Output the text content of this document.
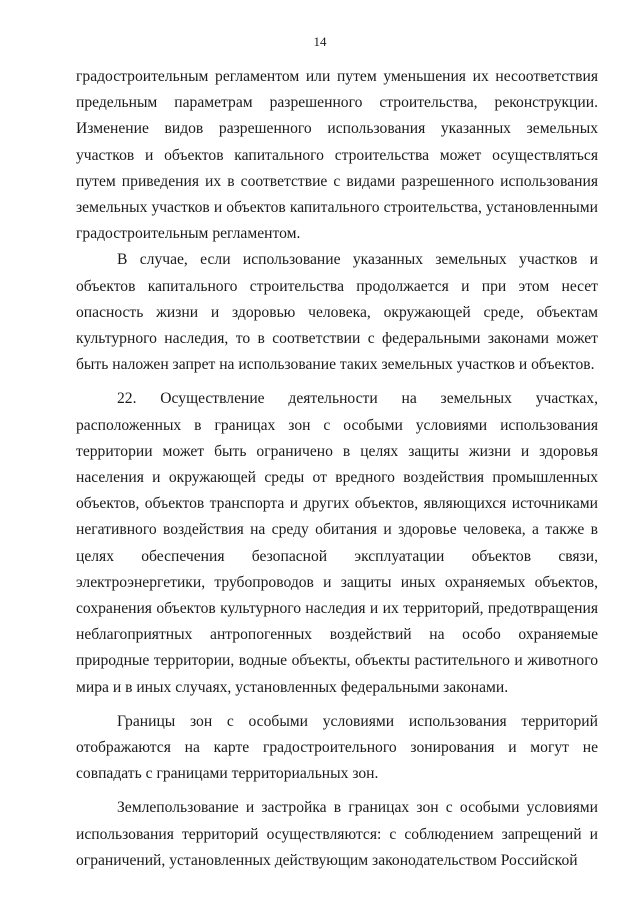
14

градостроительным регламентом или путем уменьшения их несоответствия предельным параметрам разрешенного строительства, реконструкции. Изменение видов разрешенного использования указанных земельных участков и объектов капитального строительства может осуществляться путем приведения их в соответствие с видами разрешенного использования земельных участков и объектов капитального строительства, установленными градостроительным регламентом.

В случае, если использование указанных земельных участков и объектов капитального строительства продолжается и при этом несет опасность жизни и здоровью человека, окружающей среде, объектам культурного наследия, то в соответствии с федеральными законами может быть наложен запрет на использование таких земельных участков и объектов.

22. Осуществление деятельности на земельных участках, расположенных в границах зон с особыми условиями использования территории может быть ограничено в целях защиты жизни и здоровья населения и окружающей среды от вредного воздействия промышленных объектов, объектов транспорта и других объектов, являющихся источниками негативного воздействия на среду обитания и здоровье человека, а также в целях обеспечения безопасной эксплуатации объектов связи, электроэнергетики, трубопроводов и защиты иных охраняемых объектов, сохранения объектов культурного наследия и их территорий, предотвращения неблагоприятных антропогенных воздействий на особо охраняемые природные территории, водные объекты, объекты растительного и животного мира и в иных случаях, установленных федеральными законами.

Границы зон с особыми условиями использования территорий отображаются на карте градостроительного зонирования и могут не совпадать с границами территориальных зон.

Землепользование и застройка в границах зон с особыми условиями использования территорий осуществляются: с соблюдением запрещений и ограничений, установленных действующим законодательством Российской
